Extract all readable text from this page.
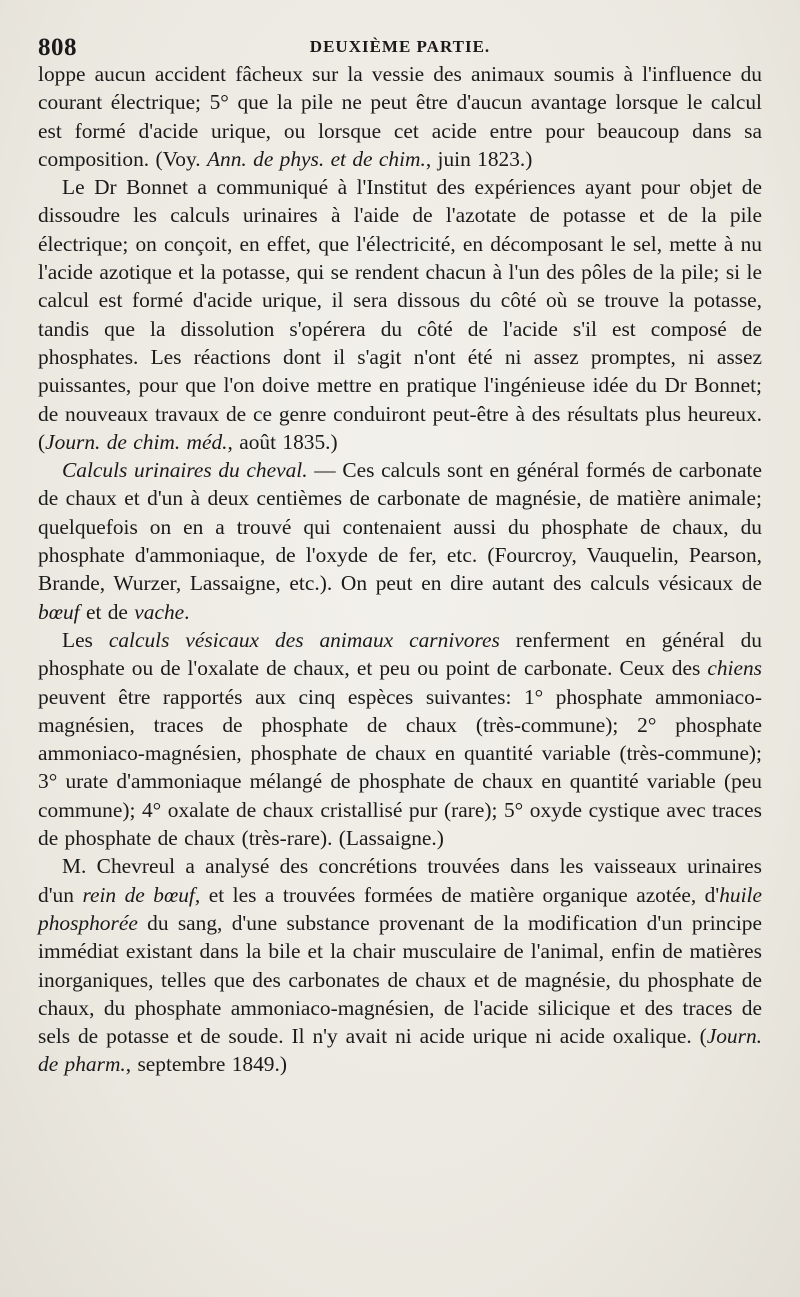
808	DEUXIÈME PARTIE.

loppe aucun accident fâcheux sur la vessie des animaux soumis à l'influence du courant électrique; 5° que la pile ne peut être d'aucun avantage lorsque le calcul est formé d'acide urique, ou lorsque cet acide entre pour beaucoup dans sa composition. (Voy. Ann. de phys. et de chim., juin 1823.)

Le Dr Bonnet a communiqué à l'Institut des expériences ayant pour objet de dissoudre les calculs urinaires à l'aide de l'azotate de potasse et de la pile électrique; on conçoit, en effet, que l'électricité, en décomposant le sel, mette à nu l'acide azotique et la potasse, qui se rendent chacun à l'un des pôles de la pile; si le calcul est formé d'acide urique, il sera dissous du côté où se trouve la potasse, tandis que la dissolution s'opérera du côté de l'acide s'il est composé de phosphates. Les réactions dont il s'agit n'ont été ni assez promptes, ni assez puissantes, pour que l'on doive mettre en pratique l'ingénieuse idée du Dr Bonnet; de nouveaux travaux de ce genre conduiront peut-être à des résultats plus heureux. (Journ. de chim. méd., août 1835.)

Calculs urinaires du cheval. — Ces calculs sont en général formés de carbonate de chaux et d'un à deux centièmes de carbonate de magnésie, de matière animale; quelquefois on en a trouvé qui contenaient aussi du phosphate de chaux, du phosphate d'ammoniaque, de l'oxyde de fer, etc. (Fourcroy, Vauquelin, Pearson, Brande, Wurzer, Lassaigne, etc.). On peut en dire autant des calculs vésicaux de bœuf et de vache.

Les calculs vésicaux des animaux carnivores renferment en général du phosphate ou de l'oxalate de chaux, et peu ou point de carbonate. Ceux des chiens peuvent être rapportés aux cinq espèces suivantes: 1° phosphate ammoniaco-magnésien, traces de phosphate de chaux (très-commune); 2° phosphate ammoniaco-magnésien, phosphate de chaux en quantité variable (très-commune); 3° urate d'ammoniaque mélangé de phosphate de chaux en quantité variable (peu commune); 4° oxalate de chaux cristallisé pur (rare); 5° oxyde cystique avec traces de phosphate de chaux (très-rare). (Lassaigne.)

M. Chevreul a analysé des concrétions trouvées dans les vaisseaux urinaires d'un rein de bœuf, et les a trouvées formées de matière organique azotée, d'huile phosphorée du sang, d'une substance provenant de la modification d'un principe immédiat existant dans la bile et la chair musculaire de l'animal, enfin de matières inorganiques, telles que des carbonates de chaux et de magnésie, du phosphate de chaux, du phosphate ammoniaco-magnésien, de l'acide silicique et des traces de sels de potasse et de soude. Il n'y avait ni acide urique ni acide oxalique. (Journ. de pharm., septembre 1849.)
